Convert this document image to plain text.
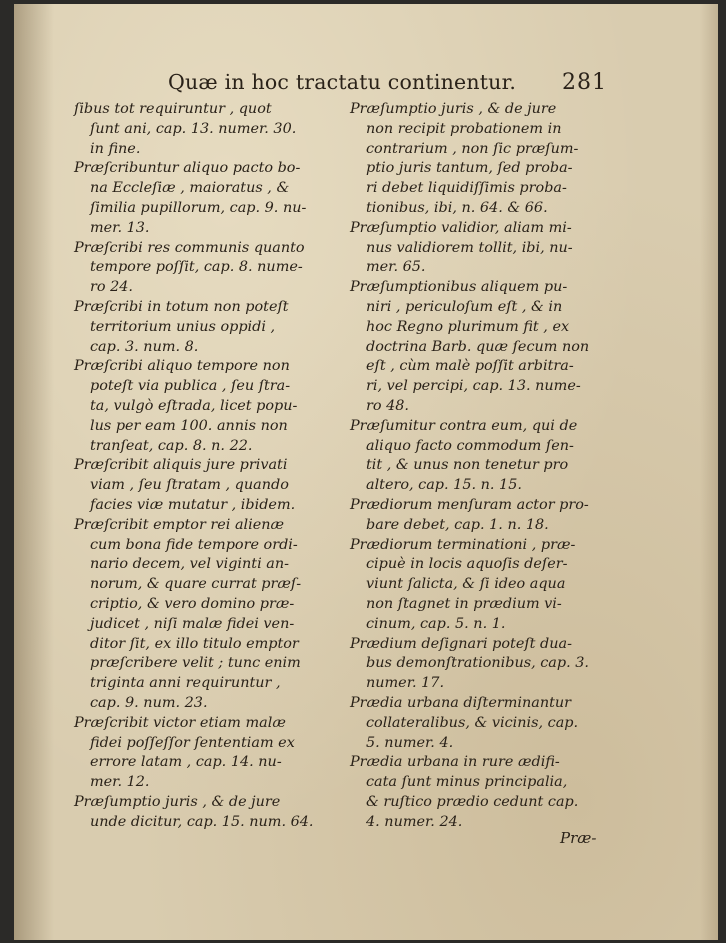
Quæ in hoc tractatu continentur.	281
ſibus tot requiruntur , quot
ſunt ani, cap. 13. numer. 30.
in fine.
Præſcribuntur aliquo pacto bo-
na Eccleſiæ , maioratus , &
ſimilia pupillorum, cap. 9. nu-
mer. 13.
Præſcribi res communis quanto
tempore poſſit, cap. 8. nume-
ro 24.
Præſcribi in totum non poteſt
territorium unius oppidi ,
cap. 3. num. 8.
Præſcribi aliquo tempore non
poteſt via publica , ſeu ſtra-
ta, vulgò eſtrada, licet popu-
lus per eam 100. annis non
tranſeat, cap. 8. n. 22.
Præſcribit aliquis jure privati
viam , ſeu ſtratam , quando
facies viæ mutatur , ibidem.
Præſcribit emptor rei alienæ
cum bona fide tempore ordi-
nario decem, vel viginti an-
norum, & quare currat præſ-
criptio, & vero domino præ-
judicet , niſi malæ fidei ven-
ditor ſit, ex illo titulo emptor
præſcribere velit ; tunc enim
triginta anni requiruntur ,
cap. 9. num. 23.
Præſcribit victor etiam malæ
fidei poſſeſſor ſententiam ex
errore latam , cap. 14. nu-
mer. 12.
Præſumptio juris , & de jure
unde dicitur, cap. 15. num. 64.
Præſumptio juris , & de jure
non recipit probationem in
contrarium , non ſic præſum-
ptio juris tantum, ſed proba-
ri debet liquidiſſimis proba-
tionibus, ibi, n. 64. & 66.
Præſumptio validior, aliam mi-
nus validiorem tollit, ibi, nu-
mer. 65.
Præſumptionibus aliquem pu-
niri , periculoſum eſt , & in
hoc Regno plurimum fit , ex
doctrina Barb. quæ ſecum non
eſt , cùm malè poſſit arbitra-
ri, vel percipi, cap. 13. nume-
ro 48.
Præſumitur contra eum, qui de
aliquo facto commodum ſen-
tit , & unus non tenetur pro
altero, cap. 15. n. 15.
Prædiorum menſuram actor pro-
bare debet, cap. 1. n. 18.
Prædiorum terminationi , præ-
cipuè in locis aquoſis deſer-
viunt ſalicta, & ſi ideo aqua
non ſtagnet in prædium vi-
cinum, cap. 5. n. 1.
Prædium deſignari poteſt dua-
bus demonſtrationibus, cap. 3.
numer. 17.
Prædia urbana diſterminantur
collateralibus, & vicinis, cap.
5. numer. 4.
Prædia urbana in rure ædifi-
cata ſunt minus principalia,
& ruſtico prædio cedunt cap.
4. numer. 24.
Præ-
